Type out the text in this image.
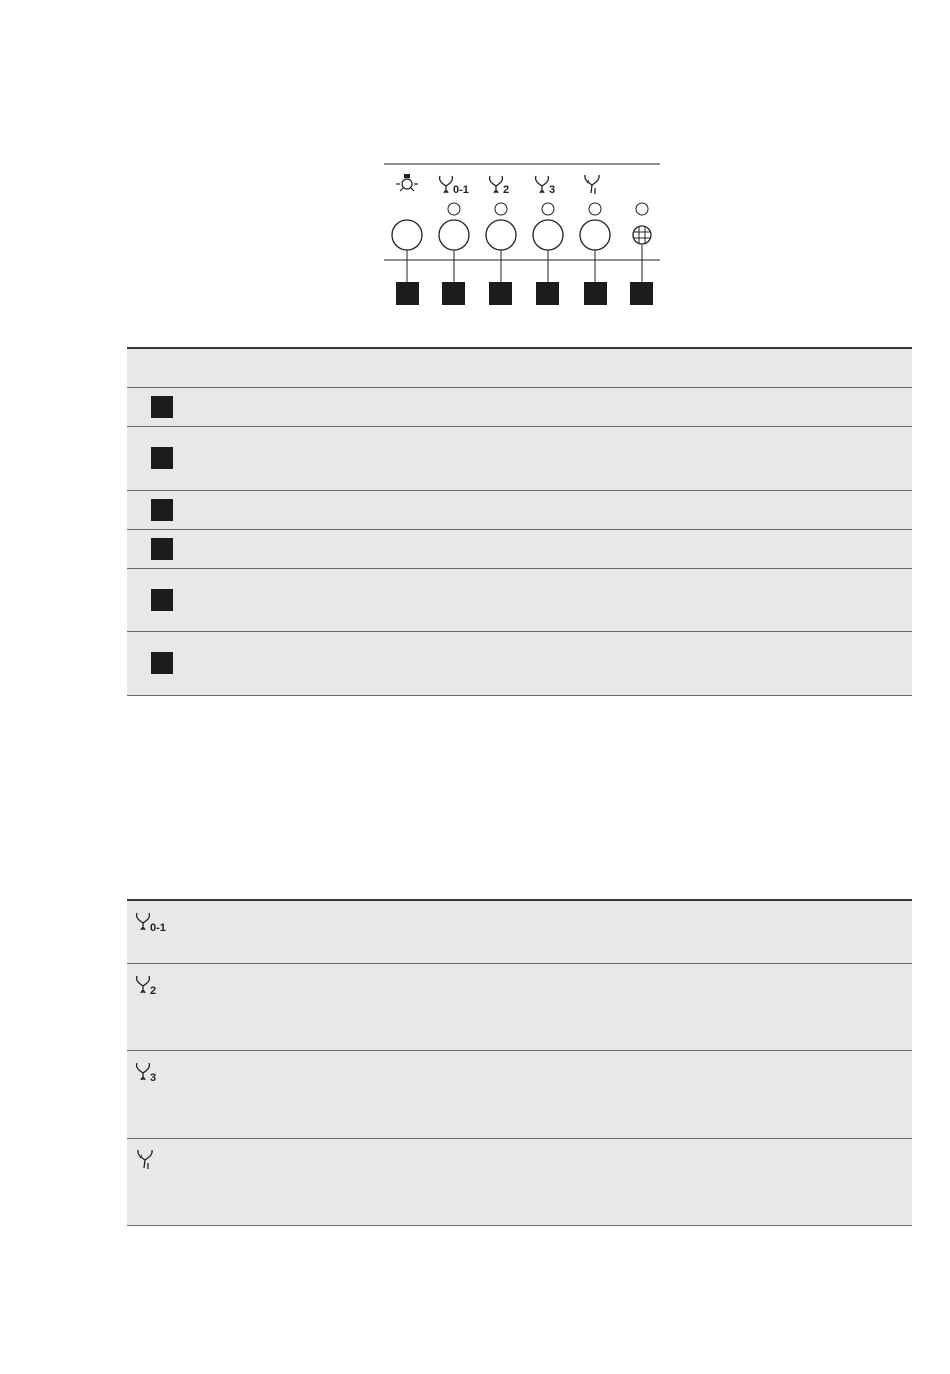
0-1	2	3
0-1
2
3
